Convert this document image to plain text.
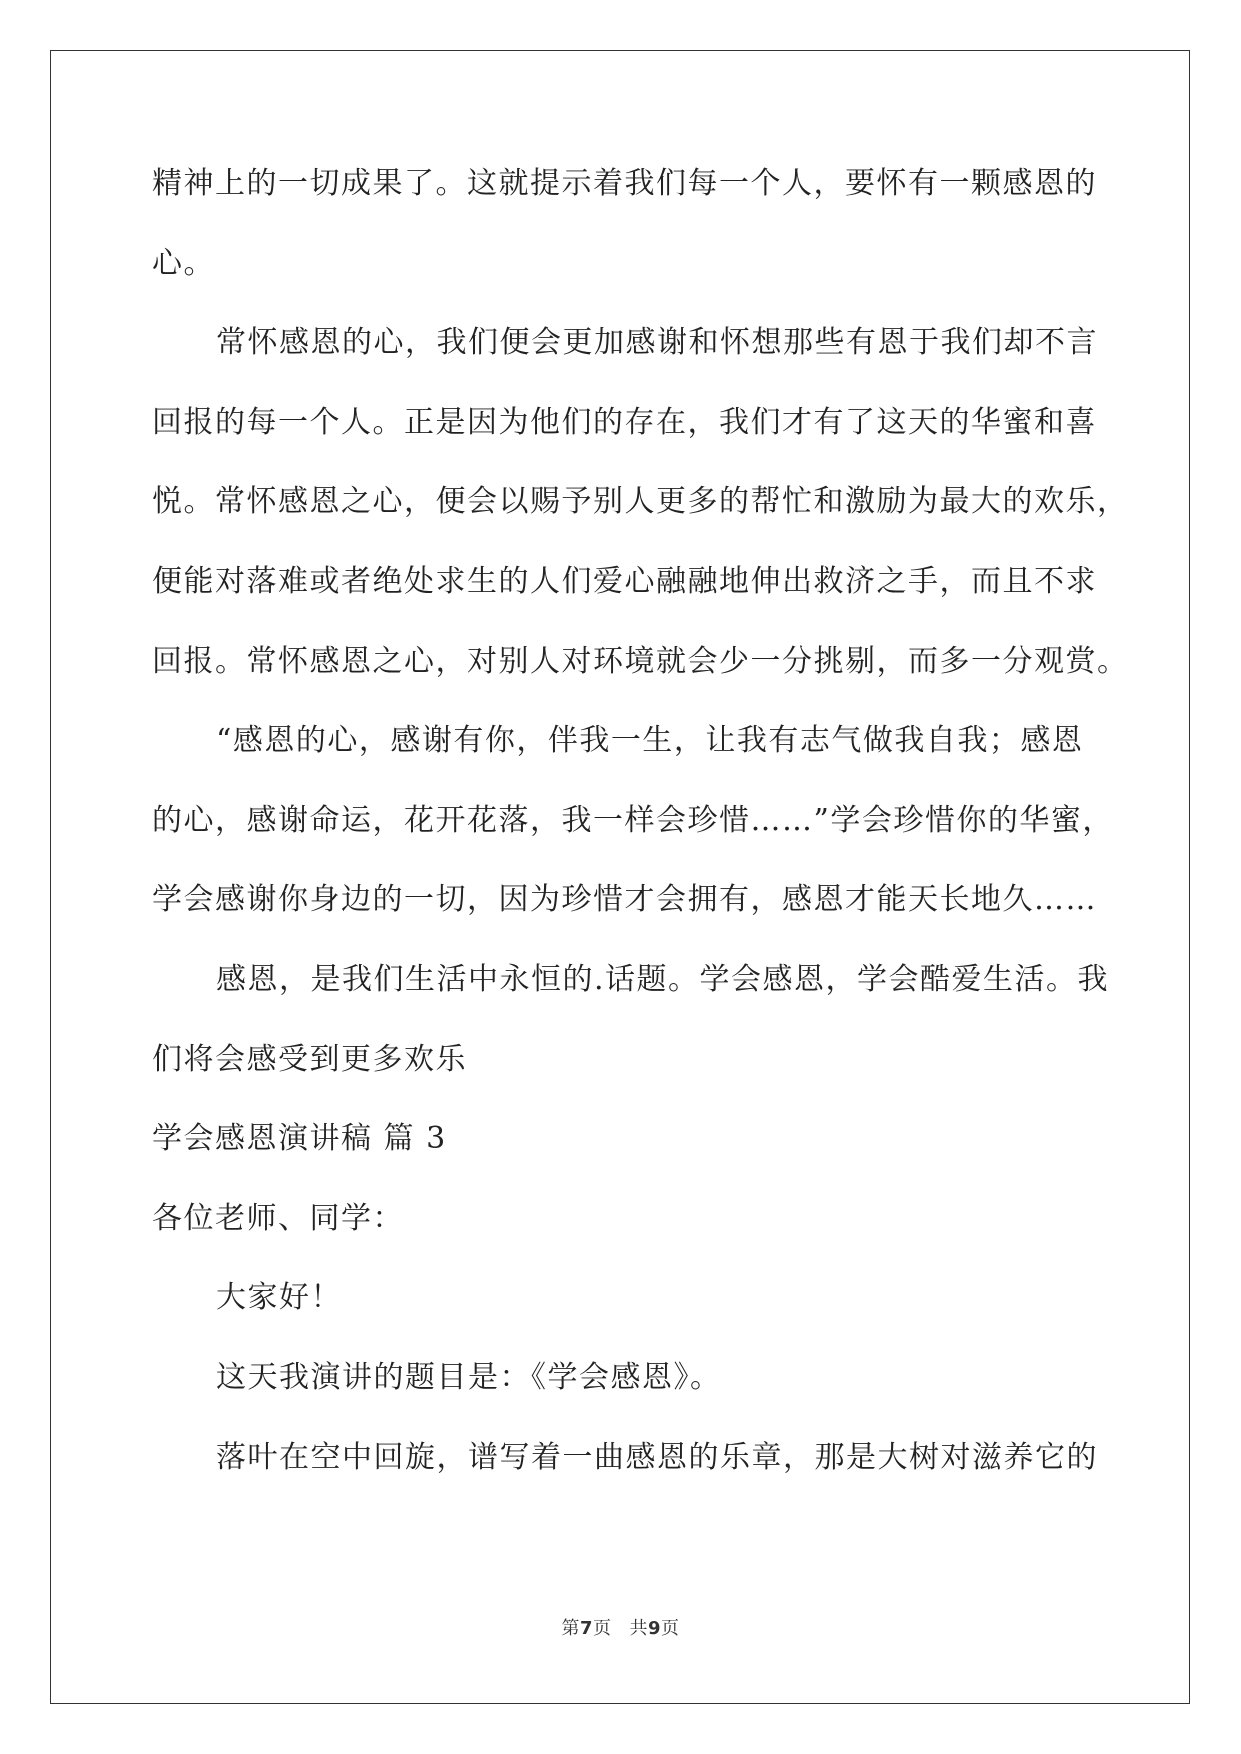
精神上的一切成果了。这就提示着我们每一个人，要怀有一颗感恩的
心。
常怀感恩的心，我们便会更加感谢和怀想那些有恩于我们却不言
回报的每一个人。正是因为他们的存在，我们才有了这天的华蜜和喜
悦。常怀感恩之心，便会以赐予别人更多的帮忙和激励为最大的欢乐，
便能对落难或者绝处求生的人们爱心融融地伸出救济之手，而且不求
回报。常怀感恩之心，对别人对环境就会少一分挑剔，而多一分观赏。
“感恩的心，感谢有你，伴我一生，让我有志气做我自我；感恩
的心，感谢命运，花开花落，我一样会珍惜……”学会珍惜你的华蜜，
学会感谢你身边的一切，因为珍惜才会拥有，感恩才能天长地久……
感恩，是我们生活中永恒的.话题。学会感恩，学会酷爱生活。我
们将会感受到更多欢乐
学会感恩演讲稿 篇 3
各位老师、同学：
大家好！
这天我演讲的题目是：《学会感恩》。
落叶在空中回旋，谱写着一曲感恩的乐章，那是大树对滋养它的
第7页 共9页
